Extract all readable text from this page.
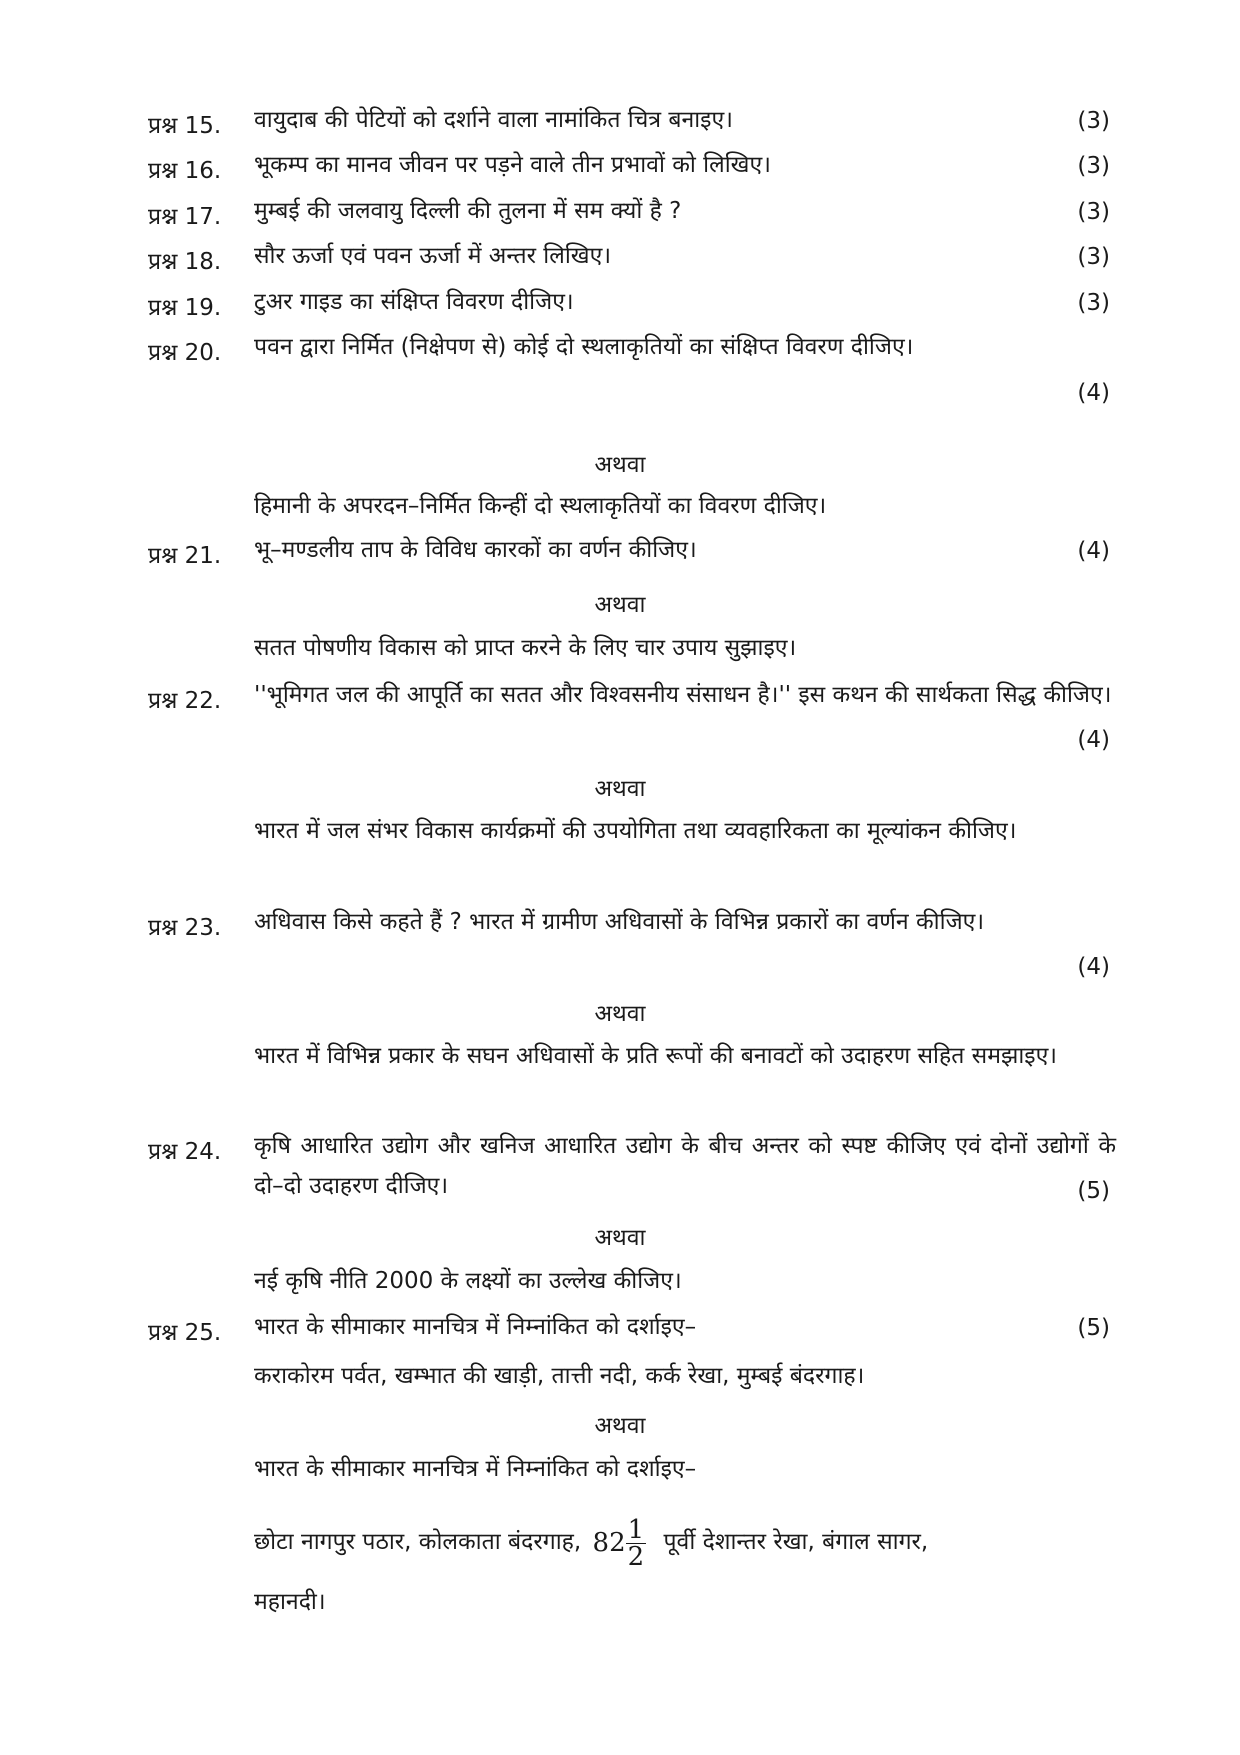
प्रश्न 15. वायुदाब की पेटियों को दर्शाने वाला नामांकित चित्र बनाइए।	(3)
प्रश्न 16. भूकम्प का मानव जीवन पर पड़ने वाले तीन प्रभावों को लिखिए।	(3)
प्रश्न 17. मुम्बई की जलवायु दिल्ली की तुलना में सम क्यों है ?	(3)
प्रश्न 18. सौर ऊर्जा एवं पवन ऊर्जा में अन्तर लिखिए।	(3)
प्रश्न 19. टुअर गाइड का संक्षिप्त विवरण दीजिए।	(3)
प्रश्न 20. पवन द्वारा निर्मित (निक्षेपण से) कोई दो स्थलाकृतियों का संक्षिप्त विवरण दीजिए।
(4)
अथवा
हिमानी के अपरदन–निर्मित किन्हीं दो स्थलाकृतियों का विवरण दीजिए।
प्रश्न 21. भू–मण्डलीय ताप के विविध कारकों का वर्णन कीजिए।	(4)
अथवा
सतत पोषणीय विकास को प्राप्त करने के लिए चार उपाय सुझाइए।
प्रश्न 22. ''भूमिगत जल की आपूर्ति का सतत और विश्वसनीय संसाधन है।'' इस कथन की सार्थकता सिद्ध कीजिए।
(4)
अथवा
भारत में जल संभर विकास कार्यक्रमों की उपयोगिता तथा व्यवहारिकता का मूल्यांकन कीजिए।
प्रश्न 23. अधिवास किसे कहते हैं ? भारत में ग्रामीण अधिवासों के विभिन्न प्रकारों का वर्णन कीजिए।
(4)
अथवा
भारत में विभिन्न प्रकार के सघन अधिवासों के प्रति रूपों की बनावटों को उदाहरण सहित समझाइए।
प्रश्न 24. कृषि आधारित उद्योग और खनिज आधारित उद्योग के बीच अन्तर को स्पष्ट कीजिए एवं दोनों उद्योगों के दो–दो उदाहरण दीजिए।	(5)
अथवा
नई कृषि नीति 2000 के लक्ष्यों का उल्लेख कीजिए।
प्रश्न 25. भारत के सीमाकार मानचित्र में निम्नांकित को दर्शाइए–	(5)
कराकोरम पर्वत, खम्भात की खाड़ी, तात्ती नदी, कर्क रेखा, मुम्बई बंदरगाह।
अथवा
भारत के सीमाकार मानचित्र में निम्नांकित को दर्शाइए–
छोटा नागपुर पठार, कोलकाता बंदरगाह, $82 \frac{1}{2}$ पूर्वी देशान्तर रेखा, बंगाल सागर,
महानदी।
